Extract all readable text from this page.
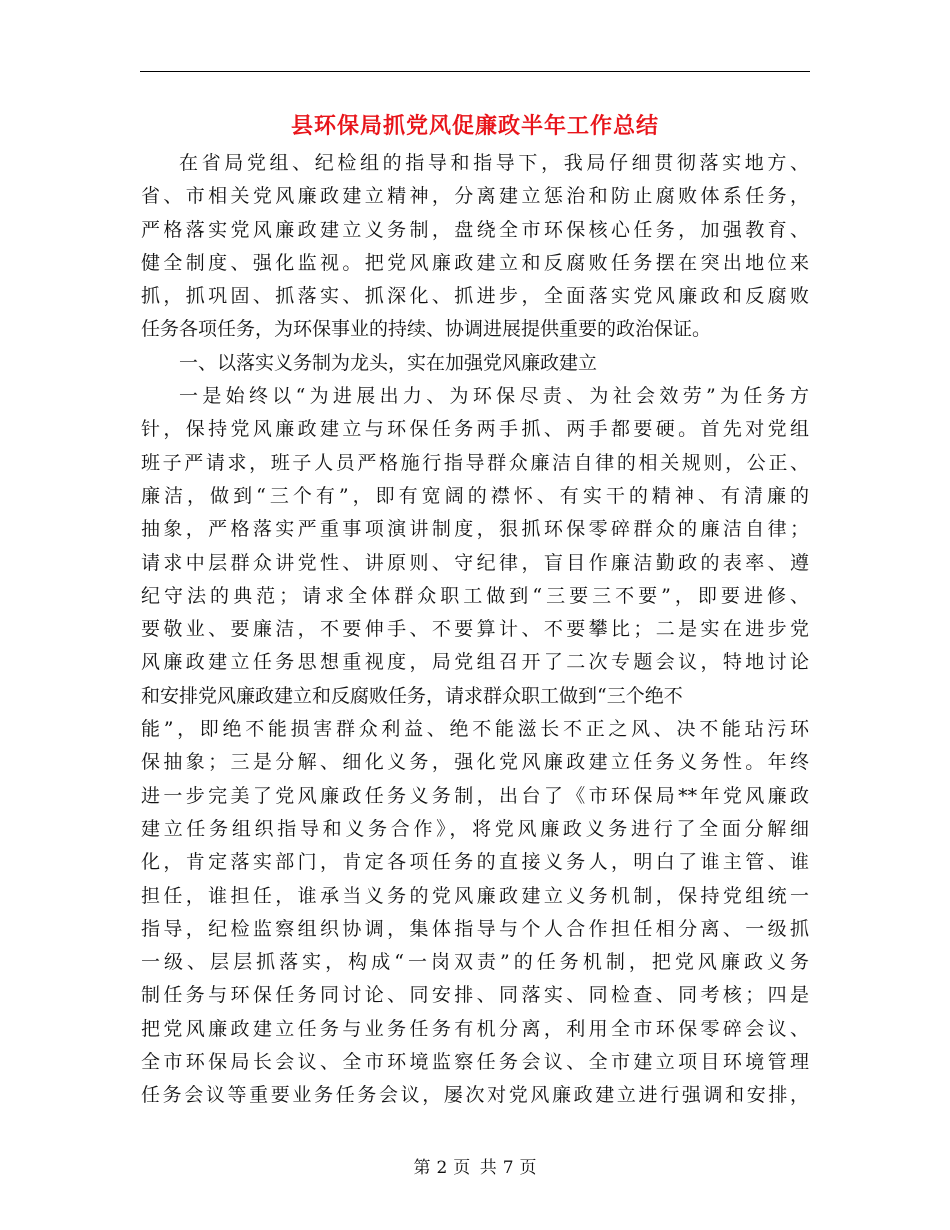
县环保局抓党风促廉政半年工作总结
在省局党组、纪检组的指导和指导下，我局仔细贯彻落实地方、
省、市相关党风廉政建立精神，分离建立惩治和防止腐败体系任务，
严格落实党风廉政建立义务制，盘绕全市环保核心任务，加强教育、
健全制度、强化监视。把党风廉政建立和反腐败任务摆在突出地位来
抓，抓巩固、抓落实、抓深化、抓进步，全面落实党风廉政和反腐败
任务各项任务，为环保事业的持续、协调进展提供重要的政治保证。
一、以落实义务制为龙头，实在加强党风廉政建立
一是始终以“为进展出力、为环保尽责、为社会效劳”为任务方
针，保持党风廉政建立与环保任务两手抓、两手都要硬。首先对党组
班子严请求，班子人员严格施行指导群众廉洁自律的相关规则，公正、
廉洁，做到“三个有”，即有宽阔的襟怀、有实干的精神、有清廉的
抽象，严格落实严重事项演讲制度，狠抓环保零碎群众的廉洁自律；
请求中层群众讲党性、讲原则、守纪律，盲目作廉洁勤政的表率、遵
纪守法的典范；请求全体群众职工做到“三要三不要”，即要进修、
要敬业、要廉洁，不要伸手、不要算计、不要攀比；二是实在进步党
风廉政建立任务思想重视度，局党组召开了二次专题会议，特地讨论
和安排党风廉政建立和反腐败任务，请求群众职工做到“三个绝不
能”，即绝不能损害群众利益、绝不能滋长不正之风、决不能玷污环
保抽象；三是分解、细化义务，强化党风廉政建立任务义务性。年终
进一步完美了党风廉政任务义务制，出台了《市环保局**年党风廉政
建立任务组织指导和义务合作》，将党风廉政义务进行了全面分解细
化，肯定落实部门，肯定各项任务的直接义务人，明白了谁主管、谁
担任，谁担任，谁承当义务的党风廉政建立义务机制，保持党组统一
指导，纪检监察组织协调，集体指导与个人合作担任相分离、一级抓
一级、层层抓落实，构成“一岗双责”的任务机制，把党风廉政义务
制任务与环保任务同讨论、同安排、同落实、同检查、同考核；四是
把党风廉政建立任务与业务任务有机分离，利用全市环保零碎会议、
全市环保局长会议、全市环境监察任务会议、全市建立项目环境管理
任务会议等重要业务任务会议，屡次对党风廉政建立进行强调和安排，
第 2 页 共 7 页
